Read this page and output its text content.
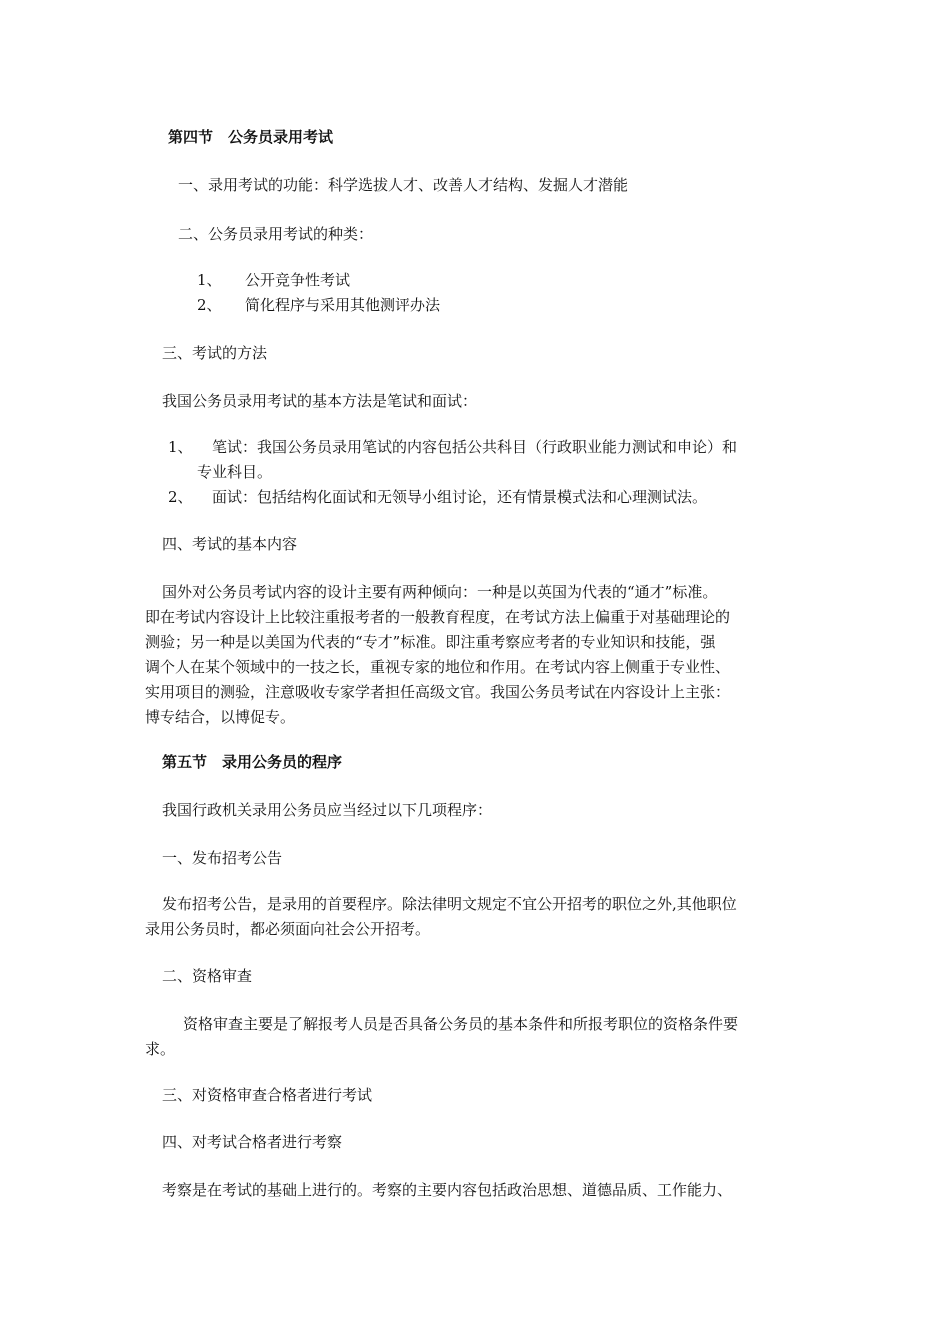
第四节　公务员录用考试
一、录用考试的功能：科学选拔人才、改善人才结构、发掘人才潜能
二、公务员录用考试的种类：
1、 公开竞争性考试
2、 简化程序与采用其他测评办法
三、考试的方法
我国公务员录用考试的基本方法是笔试和面试：
1、 笔试：我国公务员录用笔试的内容包括公共科目（行政职业能力测试和申论）和
专业科目。
2、 面试：包括结构化面试和无领导小组讨论，还有情景模式法和心理测试法。
四、考试的基本内容
国外对公务员考试内容的设计主要有两种倾向：一种是以英国为代表的“通才”标准。
即在考试内容设计上比较注重报考者的一般教育程度，在考试方法上偏重于对基础理论的
测验；另一种是以美国为代表的“专才”标准。即注重考察应考者的专业知识和技能，强
调个人在某个领域中的一技之长，重视专家的地位和作用。在考试内容上侧重于专业性、
实用项目的测验，注意吸收专家学者担任高级文官。我国公务员考试在内容设计上主张：
博专结合，以博促专。
第五节　录用公务员的程序
我国行政机关录用公务员应当经过以下几项程序：
一、发布招考公告
发布招考公告，是录用的首要程序。除法律明文规定不宜公开招考的职位之外,其他职位
录用公务员时，都必须面向社会公开招考。
二、资格审查
资格审查主要是了解报考人员是否具备公务员的基本条件和所报考职位的资格条件要
求。
三、对资格审查合格者进行考试
四、对考试合格者进行考察
考察是在考试的基础上进行的。考察的主要内容包括政治思想、道德品质、工作能力、
